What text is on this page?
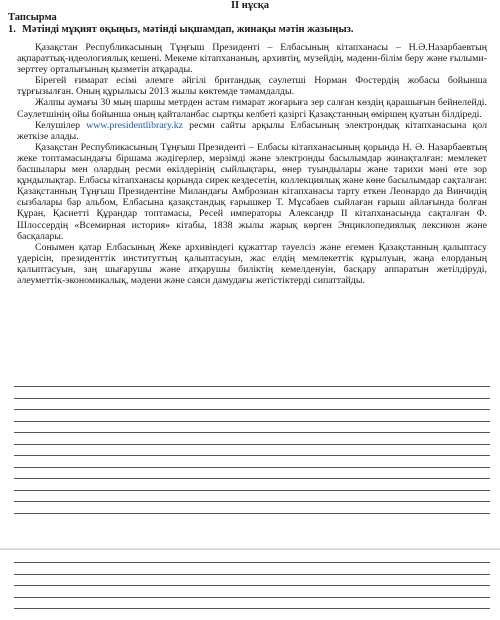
II нұсқа
Тапсырма
1. Мәтінді мұқият оқыңыз, мәтінді ықшамдап, жинақы мәтін жазыңыз.

Қазақстан Республикасының Тұңғыш Президенті – Елбасының кітапханасы – Н.Ә.Назарбаевтың ақпараттық-идеологиялық кешені. Мекеме кітапхананың, архивтің, музейдің, мәдени-білім беру және ғылыми-зерттеу орталығының қызметін атқарады.

Бірегей ғимарат есімі әлемге әйгілі британдық сәулетші Норман Фостердің жобасы бойынша тұрғызылған. Оның құрылысы 2013 жылы көктемде тәмамдалды.

Жалпы аумағы 30 мың шаршы метрден астам ғимарат жоғарыға зер салған көздің қарашығын бейнелейді. Сәулетшінің ойы бойынша оның қайталанбас сыртқы келбеті қазіргі Қазақстанның өміршең қуатын білдіреді.

Келушілер www.presidentlibrary.kz ресми сайты арқылы Елбасының электрондық кітапханасына қол жеткізе алады.

Қазақстан Республикасының Тұңғыш Президенті – Елбасы кітапханасының қорында Н. Ә. Назарбаевтың жеке топтамасындағы біршама жәдігерлер, мерзімді және электронды басылымдар жинақталған: мемлекет басшылары мен олардың ресми өкілдерінің сыйлықтары, өнер туындылары және тарихи мәні өте зор құндылықтар. Елбасы кітапханасы қорында сирек кездесетін, коллекциялық және көне басылымдар сақталған: Қазақстанның Тұңғыш Президентіне Миландағы Амброзиан кітапханасы тарту еткен Леонардо да Винчидің сызбалары бар альбом, Елбасына қазақстандық ғарышкер Т. Мұсабаев сыйлаған ғарыш айлағында болған Құран, Қасиетті Құрандар топтамасы, Ресей императоры Александр II кітапханасында сақталған Ф. Шлоссердің «Всемирная история» кітабы, 1838 жылы жарық көрген Энциклопедиялық лексикон және басқалары.

Сонымен қатар Елбасының Жеке архивіндегі құжаттар тәуелсіз және егемен Қазақстанның қалыптасу үдерісін, президенттік институттың қалыптасуын, жас елдің мемлекеттік құрылуын, жаңа елорданың қалыптасуын, заң шығарушы және атқарушы биліктің кемелденуін, басқару аппаратын жетілдіруді, әлеуметтік-экономикалық, мәдени және саяси дамудағы жетістіктерді сипаттайды.
